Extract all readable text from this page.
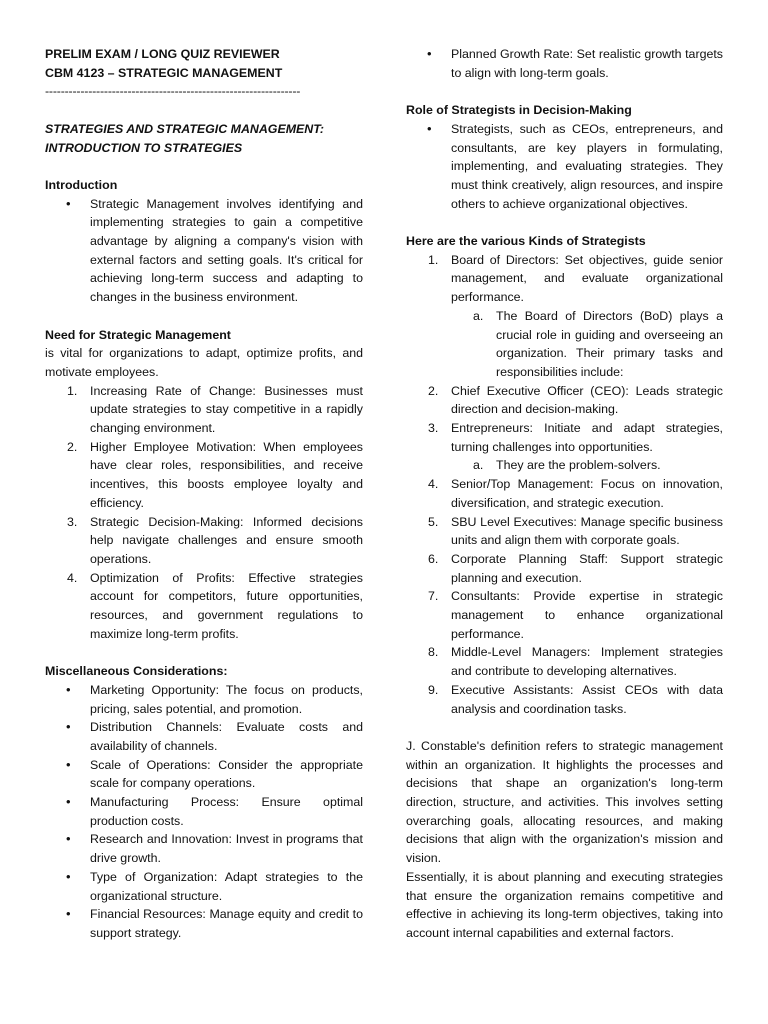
PRELIM EXAM / LONG QUIZ REVIEWER

CBM 4123 – STRATEGIC MANAGEMENT

-----------------------------------------------------------------

STRATEGIES AND STRATEGIC MANAGEMENT:

INTRODUCTION TO STRATEGIES

Introduction

• Strategic Management involves identifying and implementing strategies to gain a competitive advantage by aligning a company's vision with external factors and setting goals. It's critical for achieving long-term success and adapting to changes in the business environment.

Need for Strategic Management

is vital for organizations to adapt, optimize profits, and motivate employees.

1.	Increasing Rate of Change: Businesses must update strategies to stay competitive in a rapidly changing environment.
2.	Higher Employee Motivation: When employees have clear roles, responsibilities, and receive incentives, this boosts employee loyalty and efficiency.
3.	Strategic Decision-Making: Informed decisions help navigate challenges and ensure smooth operations.
4.	Optimization of Profits: Effective strategies account for competitors, future opportunities, resources, and government regulations to maximize long-term profits.

Miscellaneous Considerations:

• Marketing Opportunity: The focus on products, pricing, sales potential, and promotion.
• Distribution Channels: Evaluate costs and availability of channels.
• Scale of Operations: Consider the appropriate scale for company operations.
• Manufacturing Process: Ensure optimal production costs.
• Research and Innovation: Invest in programs that drive growth.
• Type of Organization: Adapt strategies to the organizational structure.
• Financial Resources: Manage equity and credit to support strategy.
• Planned Growth Rate: Set realistic growth targets to align with long-term goals.

Role of Strategists in Decision-Making

• Strategists, such as CEOs, entrepreneurs, and consultants, are key players in formulating, implementing, and evaluating strategies. They must think creatively, align resources, and inspire others to achieve organizational objectives.

Here are the various Kinds of Strategists

1.	Board of Directors: Set objectives, guide senior management, and evaluate organizational performance.
a.	The Board of Directors (BoD) plays a crucial role in guiding and overseeing an organization. Their primary tasks and responsibilities include:
2.	Chief Executive Officer (CEO): Leads strategic direction and decision-making.
3.	Entrepreneurs: Initiate and adapt strategies, turning challenges into opportunities.
a.	They are the problem-solvers.
4.	Senior/Top Management: Focus on innovation, diversification, and strategic execution.
5.	SBU Level Executives: Manage specific business units and align them with corporate goals.
6.	Corporate Planning Staff: Support strategic planning and execution.
7.	Consultants: Provide expertise in strategic management to enhance organizational performance.
8.	Middle-Level Managers: Implement strategies and contribute to developing alternatives.
9.	Executive Assistants: Assist CEOs with data analysis and coordination tasks.

J. Constable's definition refers to strategic management within an organization. It highlights the processes and decisions that shape an organization's long-term direction, structure, and activities. This involves setting overarching goals, allocating resources, and making decisions that align with the organization's mission and vision.

Essentially, it is about planning and executing strategies that ensure the organization remains competitive and effective in achieving its long-term objectives, taking into account internal capabilities and external factors.
